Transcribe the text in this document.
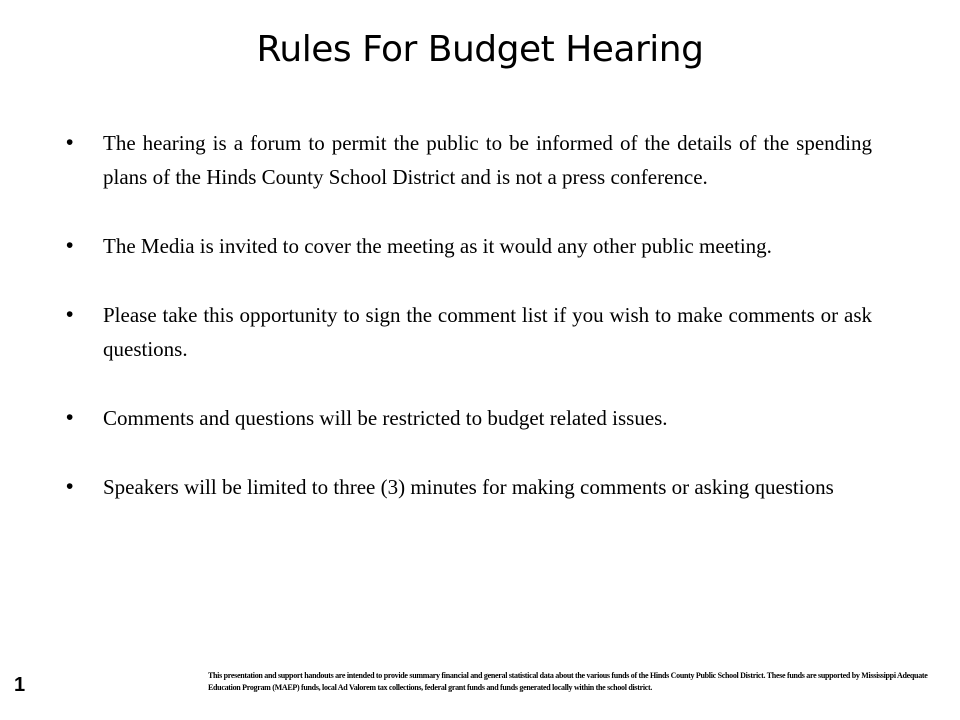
Rules For Budget Hearing
• The hearing is a forum to permit the public to be informed of the details of the spending plans of the Hinds County School District and is not a press conference.
• The Media is invited to cover the meeting as it would any other public meeting.
• Please take this opportunity to sign the comment list if you wish to make comments or ask questions.
• Comments and questions will be restricted to budget related issues.
• Speakers will be limited to three (3) minutes for making comments or asking questions
1	This presentation and support handouts are intended to provide summary financial and general statistical data about the various funds of the Hinds County Public School District. These funds are supported by Mississippi Adequate Education Program (MAEP) funds, local Ad Valorem tax collections, federal grant funds and funds generated locally within the school district.
